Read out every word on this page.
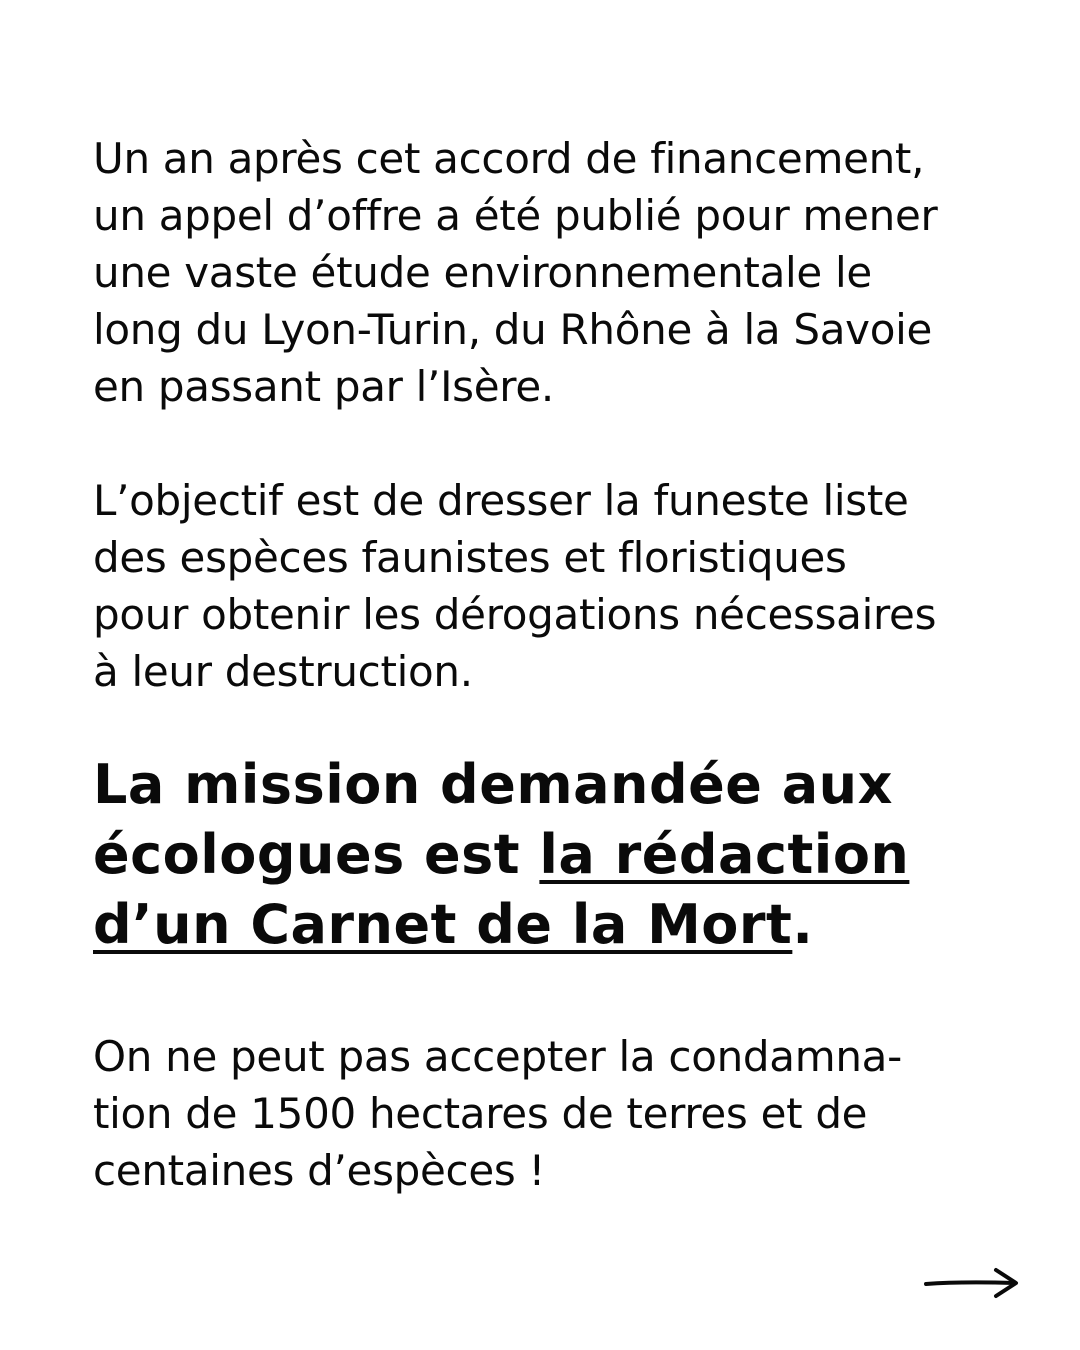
Un an après cet accord de financement,
un appel d’offre a été publié pour mener
une vaste étude environnementale le
long du Lyon-Turin, du Rhône à la Savoie
en passant par l’Isère.

L’objectif est de dresser la funeste liste
des espèces faunistes et floristiques
pour obtenir les dérogations nécessaires
à leur destruction.

La mission demandée aux
écologues est la rédaction
d’un Carnet de la Mort.

On ne peut pas accepter la condamna-
tion de 1500 hectares de terres et de
centaines d’espèces !
